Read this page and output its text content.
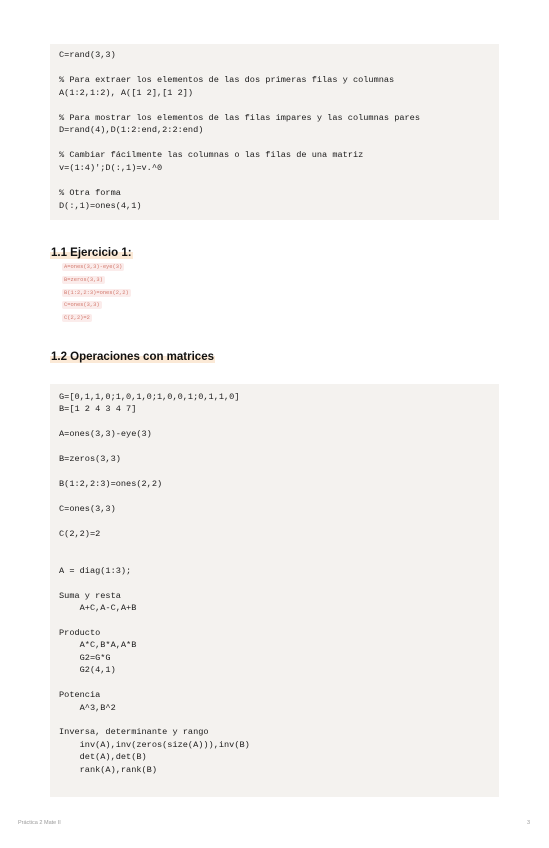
C=rand(3,3)
% Para extraer los elementos de las dos primeras filas y columnas
A(1:2,1:2), A([1 2],[1 2])
% Para mostrar los elementos de las filas impares y las columnas pares
D=rand(4),D(1:2:end,2:2:end)
% Cambiar fácilmente las columnas o las filas de una matriz
v=(1:4)';D(:,1)=v.^0
% Otra forma
D(:,1)=ones(4,1)
1.1 Ejercicio 1:
A=ones(3,3)-eye(3)
B=zeros(3,3)
B(1:2,2:3)=ones(2,2)
C=ones(3,3)
C(2,2)=2
1.2 Operaciones con matrices
G=[0,1,1,0;1,0,1,0;1,0,0,1;0,1,1,0]
B=[1 2 4 3 4 7]
A=ones(3,3)-eye(3)
B=zeros(3,3)
B(1:2,2:3)=ones(2,2)
C=ones(3,3)
C(2,2)=2
A = diag(1:3);
Suma y resta
A+C,A-C,A+B
Producto
A*C,B*A,A*B
G2=G*G
G2(4,1)
Potencia
A^3,B^2
Inversa, determinante y rango
inv(A),inv(zeros(size(A))),inv(B)
det(A),det(B)
rank(A),rank(B)
Práctica 2 Mate II	3
